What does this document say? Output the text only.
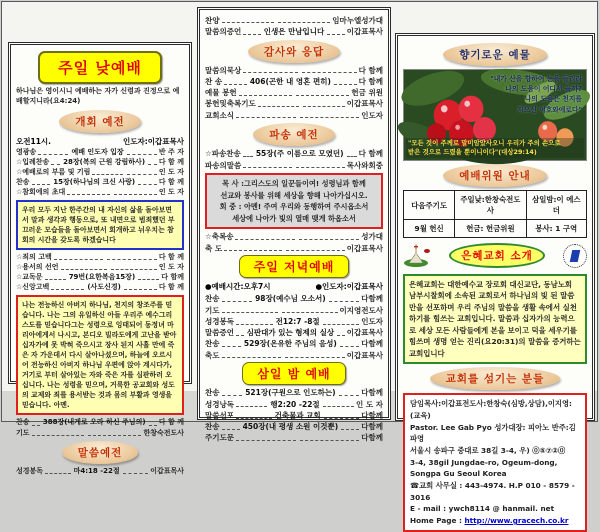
주일 낮예배
하나님은 영이시니 예배하는 자가 신령과 진정으로 예배할지니라(요4:24)
개회 예전
오전11시.	인도자:이갑표목사
영광송	예배 인도자 입장	반 주 자
☆입례찬송 28장(복의 근원 강림하사) 다 함 께
☆예배로의 부름 및 기림	인 도 자
찬송	15장(하나님의 크신 사랑)	다 함 께
☆참회에의 초대	인 도 자
우리 모두 지난 한주간의 내 자신의 삶을 돌아보면서 말과 생각과 행동으로, 또 내면으로 범죄했던 부끄러운 모습들을 돌아보면서 회개하고 뉘우치는 참회의 시간을 갖도록 하겠습니다
☆죄의 고백	다 함 께
☆용서의 선언	인 도 자
☆교독문	79번(요한복음15장)	다 함께
☆신앙고백	(사도신경)	다 함 께
나는 전능하신 아버지 하나님, 천지의 창조주를 믿습니다. 나는 그의 유일하신 아들 우리주 예수그리스도를 믿습니다그는 성령으로 잉태되어 동정녀 마리아에게서 나시고, 본디오 빌라도에게 고난을 받아 십자가에 못 박혀 죽으시고 장사 된지 사흘 만에 죽은 자 가운데서 다시 살아나셨으며, 하늘에 오르시어 전능하신 아버지 하나님 우편에 앉아 계시다가, 거기로 부터 살아있는 자와 죽은 자를 심판하러 오십니다. 나는 성령을 믿으며, 거룩한 공교회와 성도의 교제와 죄를 용서받는 것과 몸의 부활과 영생을 믿습니다. 아멘.
찬송 388장(내게로 오라 하신 주님의) 다 함 께
기도	한창숙전도사
말씀예전
성경봉독	마4:18 -22절	이갑표목사
찬양	임마누엘성가대
말씀의증언	인생은 만남입니다	이갑표목사
감사와 응답
말씀의묵상	다 함께
찬 송	406(곤한 내 영혼 편히)	다 함께
예물 봉헌	헌금 위원
봉헌및축복기도	이갑표목사
교회소식	인도자
파송 예전
☆파송찬송 55장(주 이름으로 모였던) 다 함께
파송의말씀	목사와회중
목 사 :그리스도의 일꾼들이여! 성령님과 함께
선교와 봉사를 위해 세상을 향해 나아가십시오.
회 중 : 아멘! 주여 우리와 동행하여 주시옵소서
세상에 나아가 빛의 열매 맺게 하옵소서
☆축복송	성가대
축 도	이갑표목사
주일 저녁예배
●예배시간:오후7시	●인도자:이갑표목사
찬송	98장(예수님 오소서)	다함께
기도	이지영전도사
성경봉독	전12:7 -8절	인도자
말씀증언 심판대가 있는 형제의 실상 이갑표목사
찬송	529장(온유한 주님의 음성)	다함께
축도	이갑표목사
삼일 밤 예배
찬송	521장(구원으로 인도하는)	다함께
성경낭독	행2:20 -22절	인 도 자
말씀선포	건축물과 교회	다함께
찬송	450장(내 평생 소원 이것뿐)	다함께
주기도문	다함께
향기로운 예물
"내가 산을 향하여 눈을 들리라
나의 도움이 어디서 올까?
나의 도움은 천지를
지으신 여호와에로다"
"모든 것이 주께로 말미암았사오니 우리가 주의 손으로
받은 것으로 드렸을 뿐이니이다"(대상29:14)
예배위원 안내
다음주기도	주일낮:한창숙전도사	삼일밤:이 에스더
9월 헌신	헌금: 헌금위원	봉사: 1 구역
은혜교회 소개
은혜교회는 대한예수교 장로회 대신교단, 동남노회 남부시찰회에 소속된 교회로서 하나님의 빛 된 말씀만을 선포하며 우리 주님의 말씀을 생활 속에서 실천하기를 힘쓰는 교회입니다. 말씀과 십자가의 능력으로 세상 모든 사람들에게 본을 보이고 덕을 세우기를 힘쓰며 생명 얻는 진리(요20:31)의 말씀을 증거하는 교회입니다
교회를 섬기는 분들
담임목사:이갑표전도사:한창숙(심방,상담),이지영:(교육)
Pastor. Lee Gab Pyo 성가대장: 피아노 반주:김파영
서울시 송파구 중대로 38길 3-4, 우) ⓪⑤⑦②⓪
3-4, 38gil Jungdae-ro, Ogeum-dong, Songpa Gu Seoul Korea
☎교회 사무실 : 443-4974. H.P 010 - 8579 - 3016
E - mail : ywch8114 @ hanmail. net
Home Page : http://www.gracech.co.kr
